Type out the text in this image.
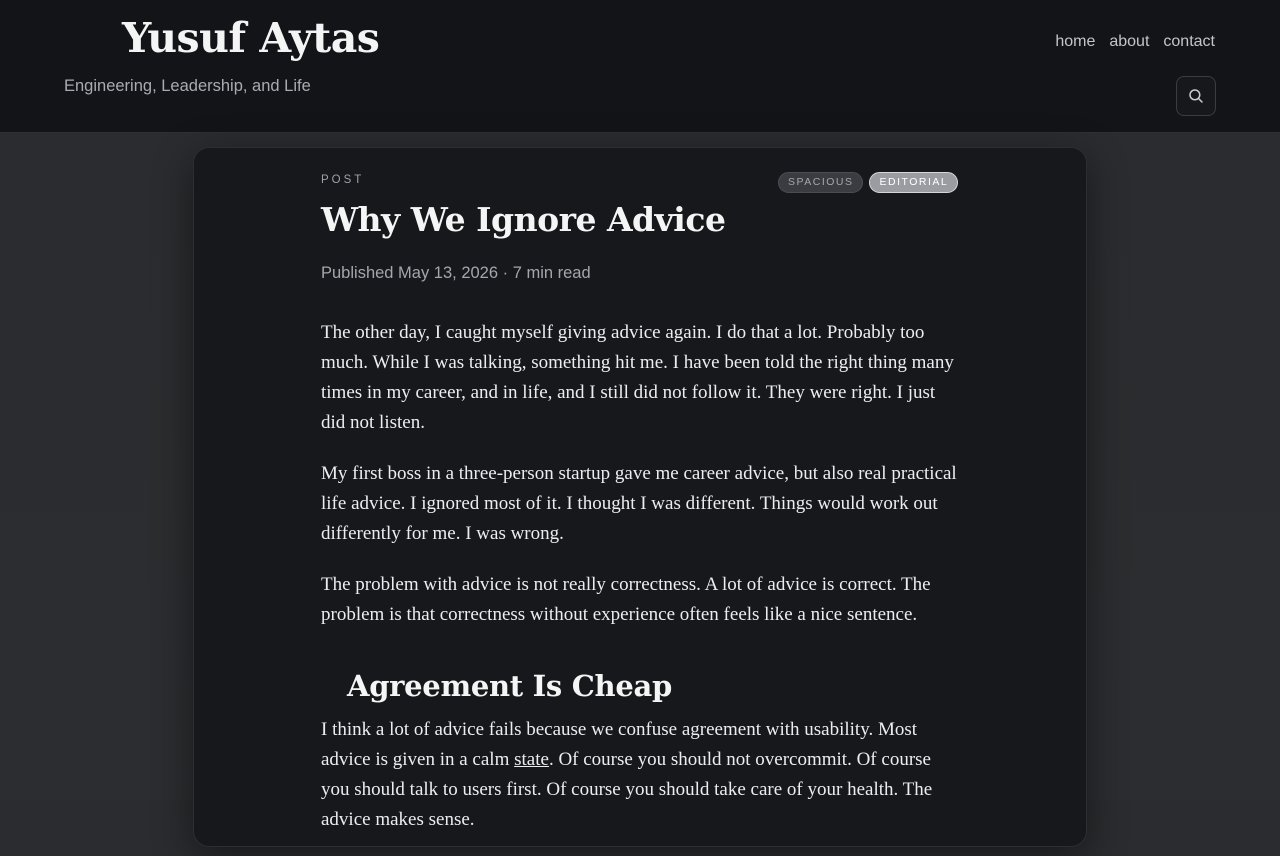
Yusuf Aytas
Engineering, Leadership, and Life
home about contact
POST	SPACIOUS	EDITORIAL
Why We Ignore Advice
Published May 13, 2026 · 7 min read

The other day, I caught myself giving advice again. I do that a lot. Probably too much. While I was talking, something hit me. I have been told the right thing many times in my career, and in life, and I still did not follow it. They were right. I just did not listen.

My first boss in a three-person startup gave me career advice, but also real practical life advice. I ignored most of it. I thought I was different. Things would work out differently for me. I was wrong.

The problem with advice is not really correctness. A lot of advice is correct. The problem is that correctness without experience often feels like a nice sentence.

Agreement Is Cheap

I think a lot of advice fails because we confuse agreement with usability. Most advice is given in a calm state. Of course you should not overcommit. Of course you should talk to users first. Of course you should take care of your health. The advice makes sense.
